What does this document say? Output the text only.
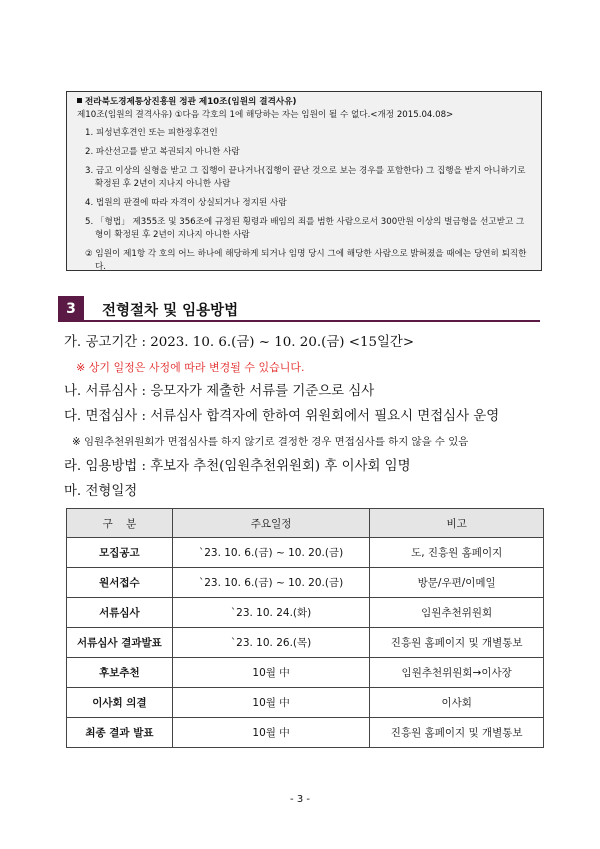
전라북도경제통상진흥원 정관 제10조(임원의 결격사유)
제10조(임원의 결격사유) ①다음 각호의 1에 해당하는 자는 임원이 될 수 없다.<개정 2015.04.08>
1. 피성년후견인 또는 피한정후견인
2. 파산선고를 받고 복권되지 아니한 사람
3. 금고 이상의 실형을 받고 그 집행이 끝나거나(집행이 끝난 것으로 보는 경우를 포함한다) 그 집행을 받지 아니하기로 확정된 후 2년이 지나지 아니한 사람
4. 법원의 판결에 따라 자격이 상실되거나 정지된 사람
5. 「형법」 제355조 및 356조에 규정된 횡령과 배임의 죄를 범한 사람으로서 300만원 이상의 벌금형을 선고받고 그 형이 확정된 후 2년이 지나지 아니한 사람
② 임원이 제1항 각 호의 어느 하나에 해당하게 되거나 임명 당시 그에 해당한 사람으로 밝혀졌을 때에는 당연히 퇴직한다.
3	전형절차 및 임용방법
가. 공고기간 : 2023. 10. 6.(금) ~ 10. 20.(금) <15일간>
※ 상기 일정은 사정에 따라 변경될 수 있습니다.
나. 서류심사 : 응모자가 제출한 서류를 기준으로 심사
다. 면접심사 : 서류심사 합격자에 한하여 위원회에서 필요시 면접심사 운영
※ 임원추천위원회가 면접심사를 하지 않기로 결정한 경우 면접심사를 하지 않을 수 있음
라. 임용방법 : 후보자 추천(임원추천위원회) 후 이사회 임명
마. 전형일정
구    분	주요일정	비고
모집공고	`23. 10. 6.(금) ~ 10. 20.(금)	도, 진흥원 홈페이지
원서접수	`23. 10. 6.(금) ~ 10. 20.(금)	방문/우편/이메일
서류심사	`23. 10. 24.(화)	임원추천위원회
서류심사 결과발표	`23. 10. 26.(목)	진흥원 홈페이지 및 개별통보
후보추천	10월 中	임원추천위원회→이사장
이사회 의결	10월 中	이사회
최종 결과 발표	10월 中	진흥원 홈페이지 및 개별통보
- 3 -
